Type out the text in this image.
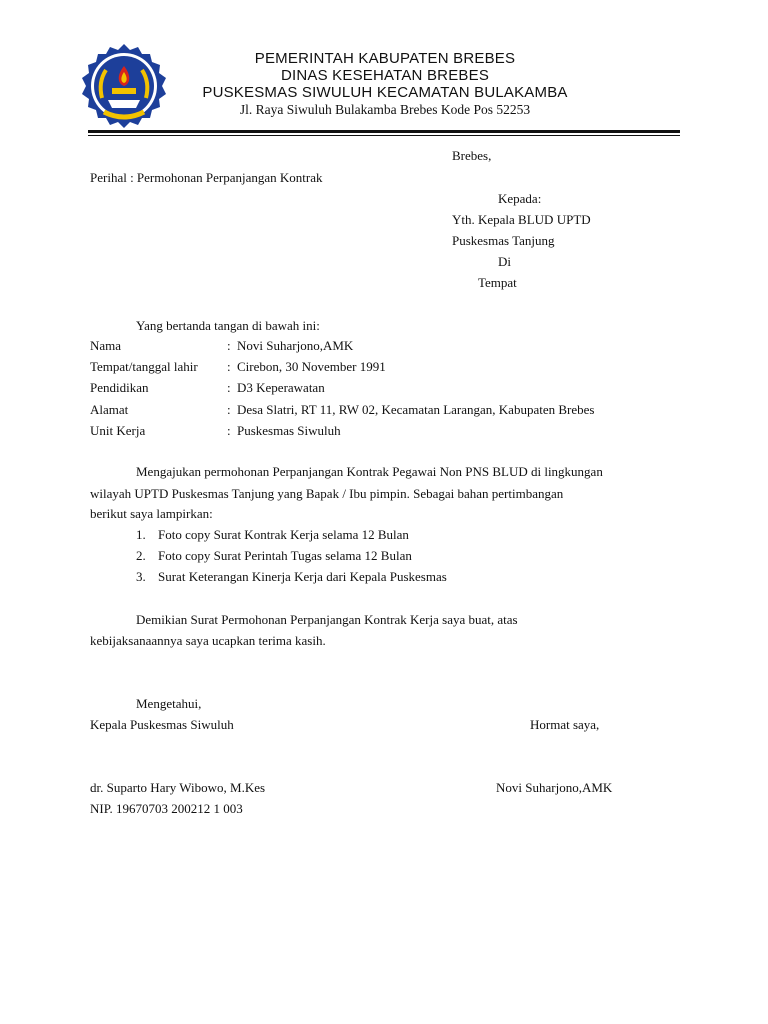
PEMERINTAH KABUPATEN BREBES
DINAS KESEHATAN BREBES
PUSKESMAS SIWULUH KECAMATAN BULAKAMBA
Jl. Raya Siwuluh Bulakamba Brebes Kode Pos 52253
Brebes,
Perihal : Permohonan Perpanjangan Kontrak
Kepada:
Yth. Kepala BLUD UPTD
Puskesmas Tanjung
Di
Tempat
Yang bertanda tangan di bawah ini:
Nama	: Novi Suharjono,AMK
Tempat/tanggal lahir : Cirebon, 30 November 1991
Pendidikan	: D3 Keperawatan
Alamat	: Desa Slatri, RT 11, RW 02, Kecamatan Larangan, Kabupaten Brebes
Unit Kerja	: Puskesmas Siwuluh
Mengajukan permohonan Perpanjangan Kontrak Pegawai Non PNS BLUD di lingkungan
wilayah UPTD Puskesmas Tanjung yang Bapak / Ibu pimpin. Sebagai bahan pertimbangan
berikut saya lampirkan:
1. Foto copy Surat Kontrak Kerja selama 12 Bulan
2. Foto copy Surat Perintah Tugas selama 12 Bulan
3. Surat Keterangan Kinerja Kerja dari Kepala Puskesmas
Demikian Surat Permohonan Perpanjangan Kontrak Kerja saya buat, atas
kebijaksanaannya saya ucapkan terima kasih.
Mengetahui,
Kepala Puskesmas Siwuluh	Hormat saya,
dr. Suparto Hary Wibowo, M.Kes	Novi Suharjono,AMK
NIP. 19670703 200212 1 003
